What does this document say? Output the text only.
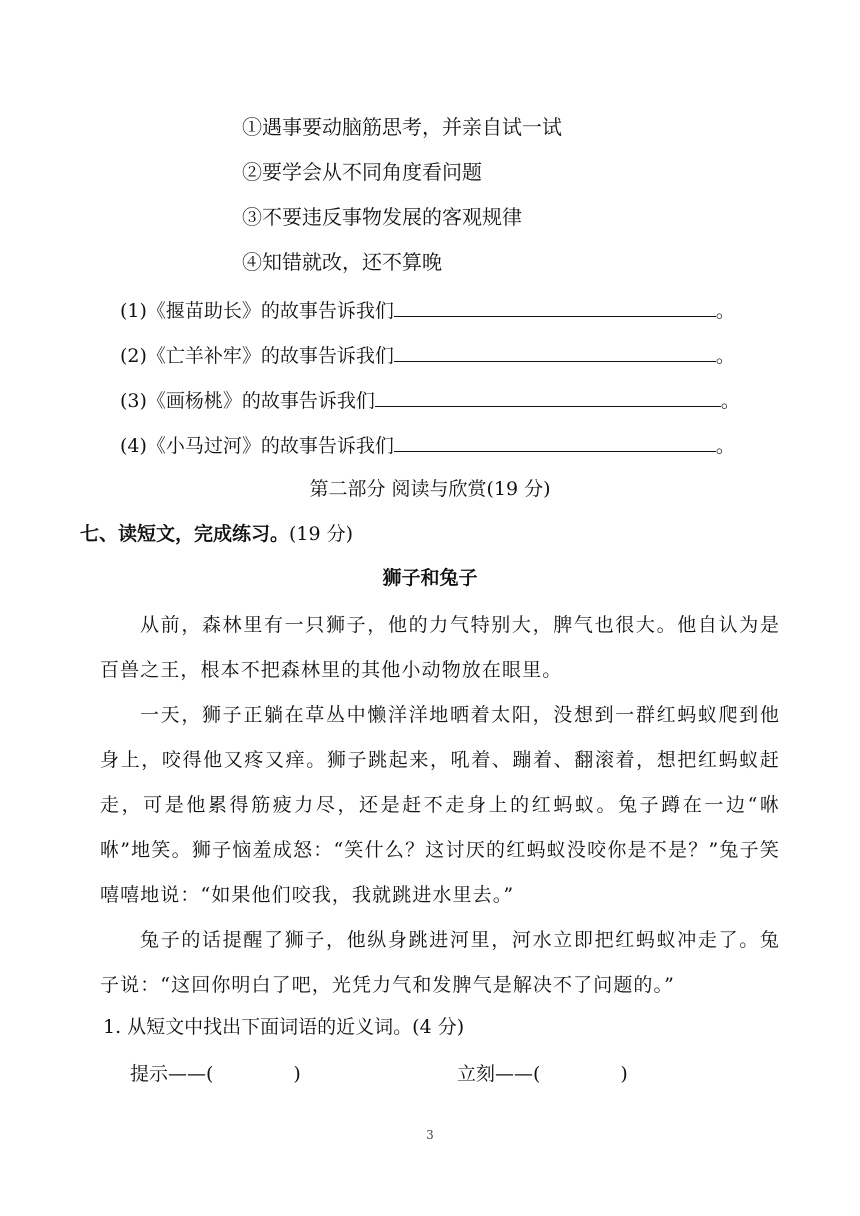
①遇事要动脑筋思考，并亲自试一试
②要学会从不同角度看问题
③不要违反事物发展的客观规律
④知错就改，还不算晚
(1)《揠苗助长》的故事告诉我们	。
(2)《亡羊补牢》的故事告诉我们	。
(3)《画杨桃》的故事告诉我们	。
(4)《小马过河》的故事告诉我们	。
第二部分 阅读与欣赏(19 分)
七、读短文，完成练习。(19 分)
狮子和兔子

从前，森林里有一只狮子，他的力气特别大，脾气也很大。他自认为是百兽之王，根本不把森林里的其他小动物放在眼里。

一天，狮子正躺在草丛中懒洋洋地晒着太阳，没想到一群红蚂蚁爬到他身上，咬得他又疼又痒。狮子跳起来，吼着、蹦着、翻滚着，想把红蚂蚁赶走，可是他累得筋疲力尽，还是赶不走身上的红蚂蚁。兔子蹲在一边“咻咻”地笑。狮子恼羞成怒：“笑什么？这讨厌的红蚂蚁没咬你是不是？”兔子笑嘻嘻地说：“如果他们咬我，我就跳进水里去。”

兔子的话提醒了狮子，他纵身跳进河里，河水立即把红蚂蚁冲走了。兔子说：“这回你明白了吧，光凭力气和发脾气是解决不了问题的。”

1. 从短文中找出下面词语的近义词。(4 分)
提示——(	)	立刻——(	)
3
